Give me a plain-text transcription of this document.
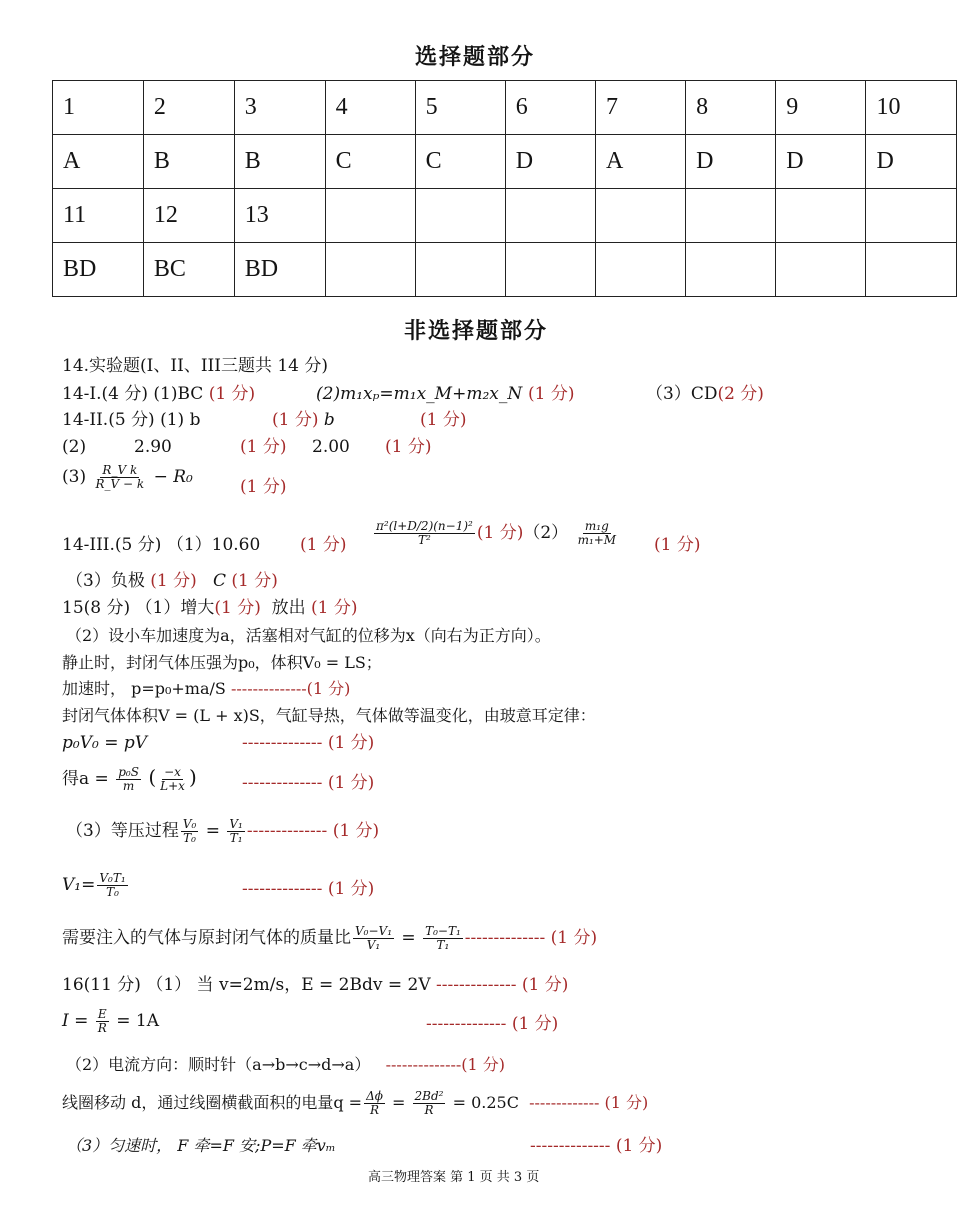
选择题部分
1	2	3	4	5	6	7	8	9	10
A	B	B	C	C	D	A	D	D	D
11	12	13							
BD	BC	BD							
非选择题部分
14.实验题(I、II、III三题共 14 分)
14-I.(4 分) (1)BC (1 分)	(2)m₁xₚ=m₁x_M+m₂x_N (1 分)	（3）CD(2 分)
14-II.(5 分) (1) b	(1 分) b	(1 分)
(2)	2.90	(1 分) 2.00 (1 分)
$(3) \frac{\text{R\_V k}}{R\_V - k} - R_0$	(1 分)
14-III.(5 分) （1）10.60 (1 分) $\frac{\text{π²(l+D/2)(n−1)²}}{\text{T²}} (1$ 分)$(2) \frac{\text{m₁g}}{\text{m₁+M}} (1$ 分)
（3）负极 (1 分) C (1 分)
15(8 分) （1）增大(1 分) 放出 (1 分)
（2）设小车加速度为a，活塞相对气缸的位移为x（向右为正方向）。
静止时，封闭气体压强为p₀，体积V₀ = LS；
加速时， p=p₀+ma/S --------------(1 分)
封闭气体体积V = (L + x)S，气缸导热，气体做等温变化，由玻意耳定律：
p₀V₀ = pV	-------------- (1 分)
得$a = \frac{\text{p₀S}}{m}$ ( $\frac{-x}{L+x}$ )	-------------- (1 分)
（3）等压过程 $\frac{\text{V₀}}{\text{T₀}} = \frac{\text{V₁}}{\text{T₁}}$ -------------- (1 分)
$V_1= \frac{\text{V₀T₁}}{\text{T₀}}$	-------------- (1 分)
需要注入的气体与原封闭气体的质量比 $\frac{\text{V₀−V₁}}{\text{V₁}} = \frac{\text{T₀−T₁}}{\text{T₁}}$ -------------- (1 分)
16(11 分) （1） 当 v=2m/s，E = 2Bdv = 2V -------------- (1 分)
$I = \frac{E}{R} = 1A$	-------------- (1 分)
（2）电流方向：顺时针（a→b→c→d→a） --------------(1 分)
线圈移动 d，通过线圈横截面积的电量$q = \frac{\Delta\phi}{R} = \frac{\text{2Bd²}}{R} = 0.25C$ ------------- (1 分)
（3）匀速时， F 牵=F 安;P=F 牵vₘ	-------------- (1 分)
高三物理答案 第 1 页 共 3 页
